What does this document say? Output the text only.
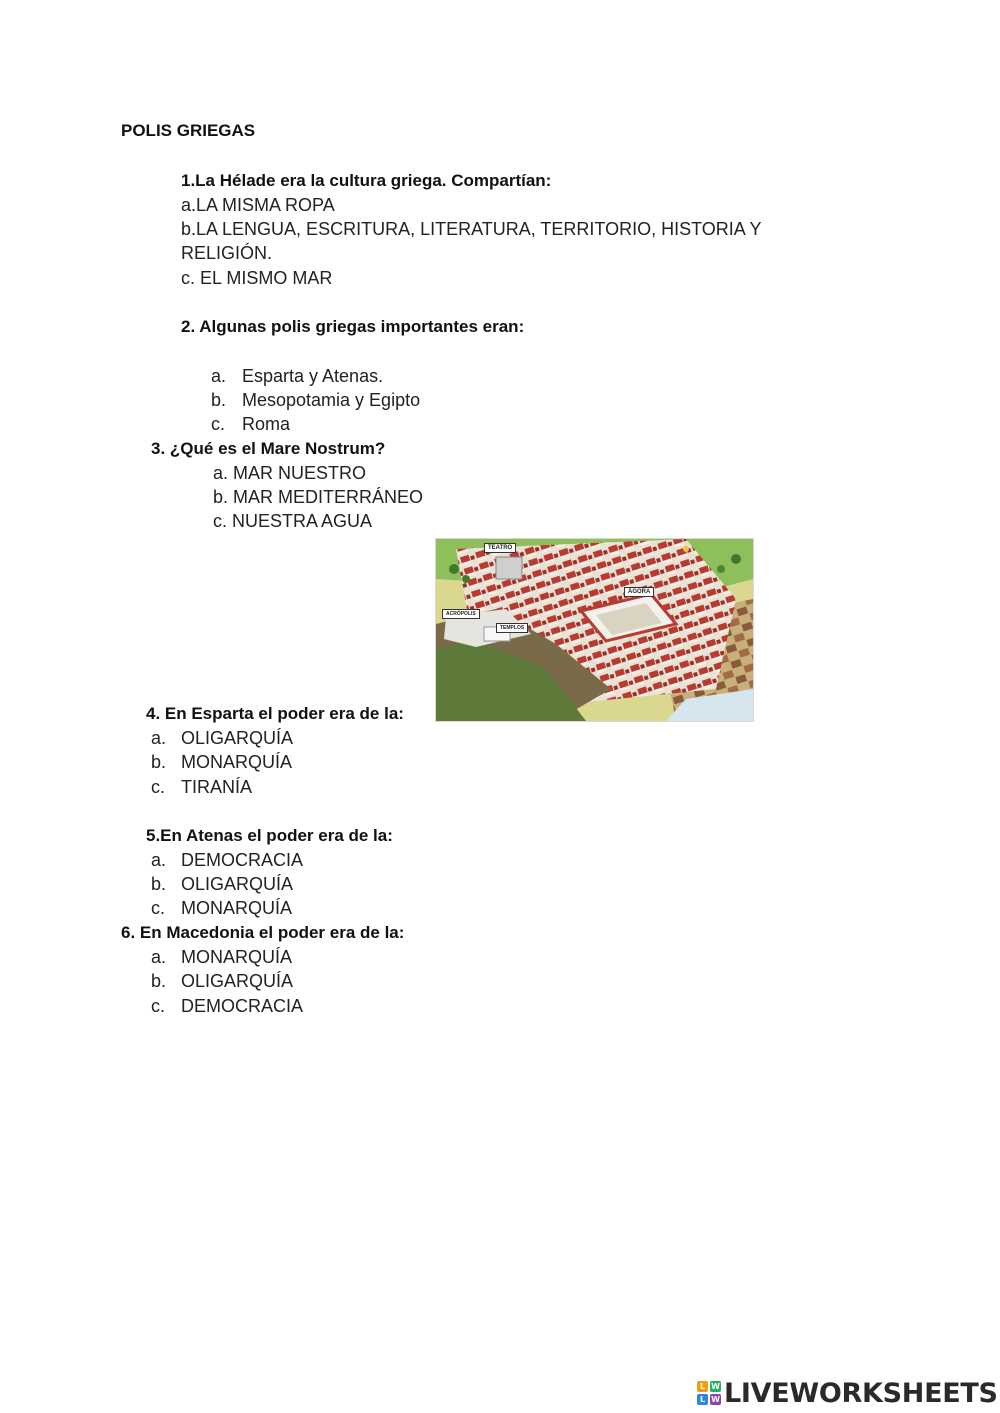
POLIS GRIEGAS
1.La Hélade era la cultura griega. Compartían:
a.LA MISMA ROPA
b.LA LENGUA, ESCRITURA, LITERATURA, TERRITORIO, HISTORIA Y
RELIGIÓN.
c. EL MISMO MAR
2. Algunas polis griegas importantes eran:
a. Esparta y Atenas.
b. Mesopotamia y Egipto
c. Roma
3. ¿Qué es el Mare Nostrum?
a. MAR NUESTRO
b. MAR MEDITERRÁNEO
c. NUESTRA AGUA
TEATRO
ÁGORA
ACRÓPOLIS
TEMPLOS
4. En Esparta el poder era de la:
a. OLIGARQUÍA
b. MONARQUÍA
c. TIRANÍA
5.En Atenas el poder era de la:
a. DEMOCRACIA
b. OLIGARQUÍA
c. MONARQUÍA
6. En Macedonia el poder era de la:
a. MONARQUÍA
b. OLIGARQUÍA
c. DEMOCRACIA
L W
L W LIVEWORKSHEETS
